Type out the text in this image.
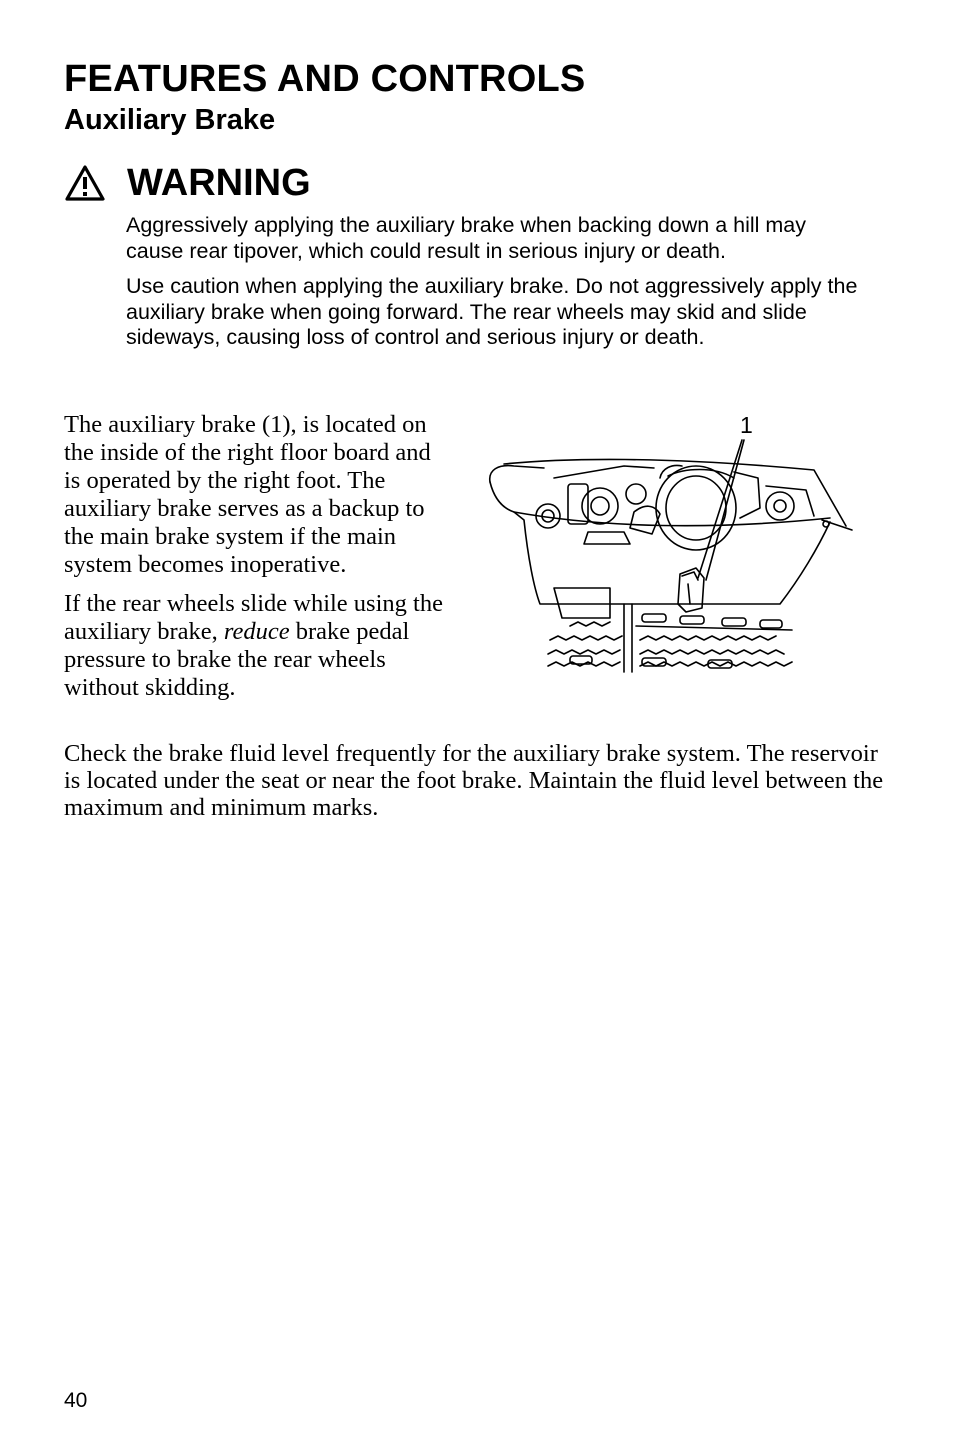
FEATURES AND CONTROLS
Auxiliary Brake
WARNING

Aggressively applying the auxiliary brake when backing down a hill may cause rear tipover, which could result in serious injury or death.

Use caution when applying the auxiliary brake. Do not aggressively apply the auxiliary brake when going forward. The rear wheels may skid and slide sideways, causing loss of control and serious injury or death.

The auxiliary brake (1), is located on the inside of the right floor board and is operated by the right foot. The auxiliary brake serves as a backup to the main brake system if the main system becomes inoperative.

If the rear wheels slide while using the auxiliary brake, reduce brake pedal pressure to brake the rear wheels without skidding.

1

Check the brake fluid level frequently for the auxiliary brake system. The reservoir is located under the seat or near the foot brake. Maintain the fluid level between the maximum and minimum marks.

40
